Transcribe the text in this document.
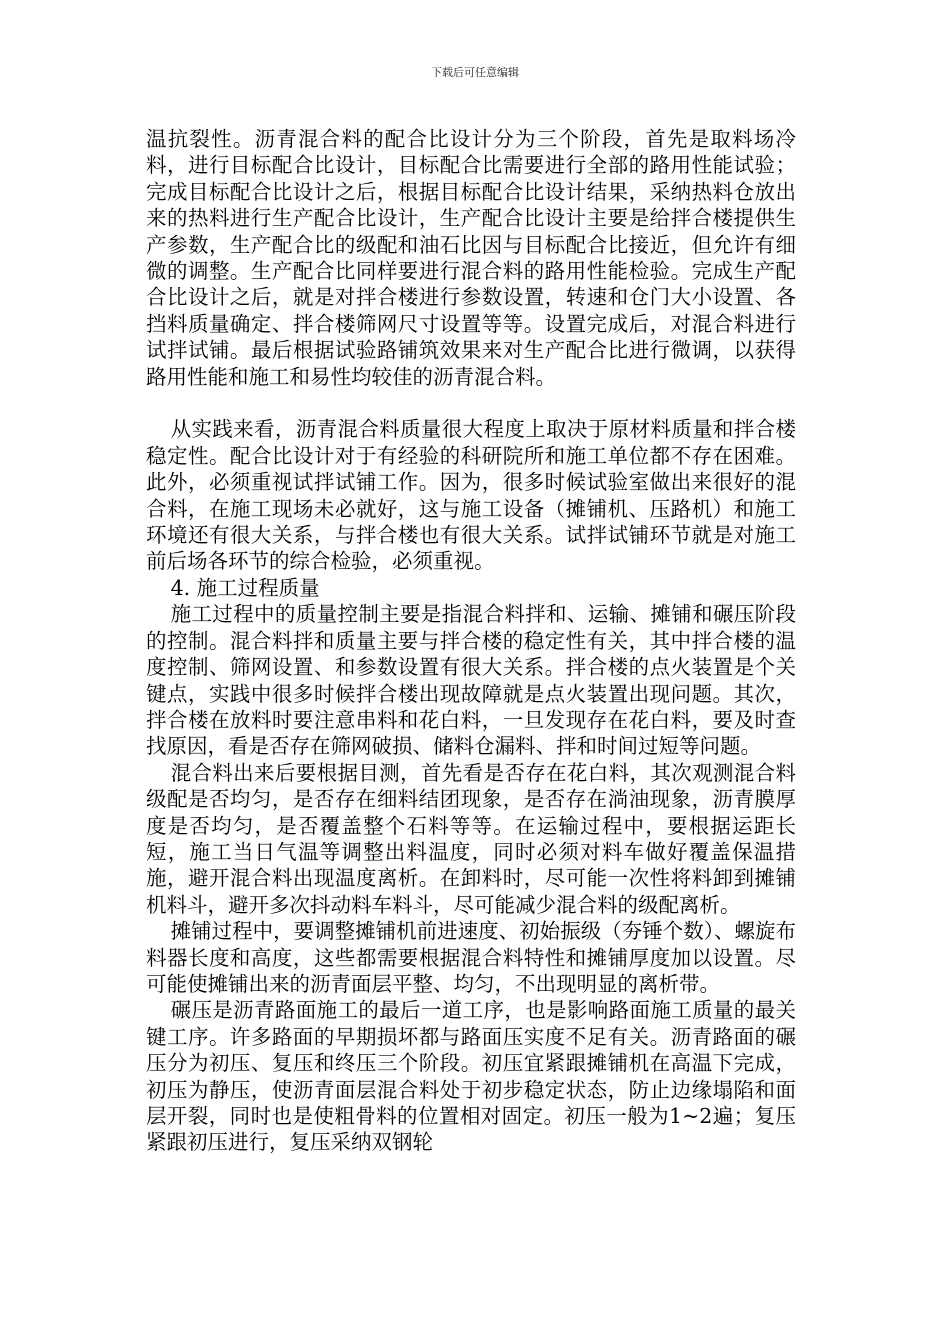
下载后可任意编辑

温抗裂性。沥青混合料的配合比设计分为三个阶段，首先是取料场冷料，进行目标配合比设计，目标配合比需要进行全部的路用性能试验；完成目标配合比设计之后，根据目标配合比设计结果，采纳热料仓放出来的热料进行生产配合比设计，生产配合比设计主要是给拌合楼提供生产参数，生产配合比的级配和油石比因与目标配合比接近，但允许有细微的调整。生产配合比同样要进行混合料的路用性能检验。完成生产配合比设计之后，就是对拌合楼进行参数设置，转速和仓门大小设置、各挡料质量确定、拌合楼筛网尺寸设置等等。设置完成后，对混合料进行试拌试铺。最后根据试验路铺筑效果来对生产配合比进行微调，以获得路用性能和施工和易性均较佳的沥青混合料。

从实践来看，沥青混合料质量很大程度上取决于原材料质量和拌合楼稳定性。配合比设计对于有经验的科研院所和施工单位都不存在困难。此外，必须重视试拌试铺工作。因为，很多时候试验室做出来很好的混合料，在施工现场未必就好，这与施工设备（摊铺机、压路机）和施工环境还有很大关系，与拌合楼也有很大关系。试拌试铺环节就是对施工前后场各环节的综合检验，必须重视。

4. 施工过程质量

施工过程中的质量控制主要是指混合料拌和、运输、摊铺和碾压阶段的控制。混合料拌和质量主要与拌合楼的稳定性有关，其中拌合楼的温度控制、筛网设置、和参数设置有很大关系。拌合楼的点火装置是个关键点，实践中很多时候拌合楼出现故障就是点火装置出现问题。其次，拌合楼在放料时要注意串料和花白料，一旦发现存在花白料，要及时查找原因，看是否存在筛网破损、储料仓漏料、拌和时间过短等问题。

混合料出来后要根据目测，首先看是否存在花白料，其次观测混合料级配是否均匀，是否存在细料结团现象，是否存在淌油现象，沥青膜厚度是否均匀，是否覆盖整个石料等等。在运输过程中，要根据运距长短，施工当日气温等调整出料温度，同时必须对料车做好覆盖保温措施，避开混合料出现温度离析。在卸料时，尽可能一次性将料卸到摊铺机料斗，避开多次抖动料车料斗，尽可能减少混合料的级配离析。

摊铺过程中，要调整摊铺机前进速度、初始振级（夯锤个数）、螺旋布料器长度和高度，这些都需要根据混合料特性和摊铺厚度加以设置。尽可能使摊铺出来的沥青面层平整、均匀，不出现明显的离析带。

碾压是沥青路面施工的最后一道工序，也是影响路面施工质量的最关键工序。许多路面的早期损坏都与路面压实度不足有关。沥青路面的碾压分为初压、复压和终压三个阶段。初压宜紧跟摊铺机在高温下完成，初压为静压，使沥青面层混合料处于初步稳定状态，防止边缘塌陷和面层开裂，同时也是使粗骨料的位置相对固定。初压一般为1~2遍；复压紧跟初压进行，复压采纳双钢轮
